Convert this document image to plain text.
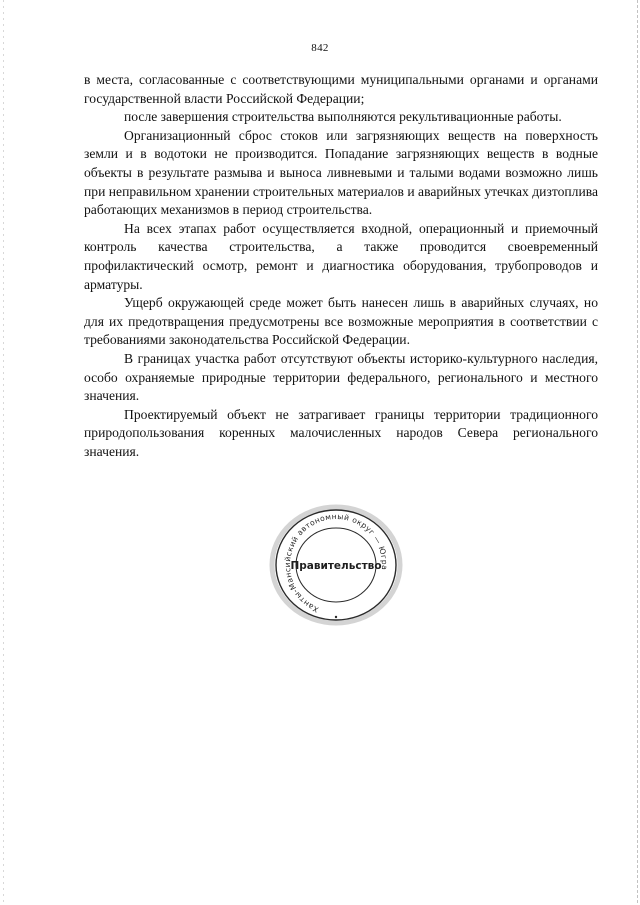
842

в места, согласованные с соответствующими муниципальными органами и органами государственной власти Российской Федерации;

после завершения строительства выполняются рекультивационные работы.

Организационный сброс стоков или загрязняющих веществ на поверхность земли и в водотоки не производится. Попадание загрязняющих веществ в водные объекты в результате размыва и выноса ливневыми и талыми водами возможно лишь при неправильном хранении строительных материалов и аварийных утечках дизтоплива работающих механизмов в период строительства.

На всех этапах работ осуществляется входной, операционный и приемочный контроль качества строительства, а также проводится своевременный профилактический осмотр, ремонт и диагностика оборудования, трубопроводов и арматуры.

Ущерб окружающей среде может быть нанесен лишь в аварийных случаях, но для их предотвращения предусмотрены все возможные мероприятия в соответствии с требованиями законодательства Российской Федерации.

В границах участка работ отсутствуют объекты историко-культурного наследия, особо охраняемые природные территории федерального, регионального и местного значения.

Проектируемый объект не затрагивает границы территории традиционного природопользования коренных малочисленных народов Севера регионального значения.

Ханты-Мансийский автономный округ — Югра
Правительство
